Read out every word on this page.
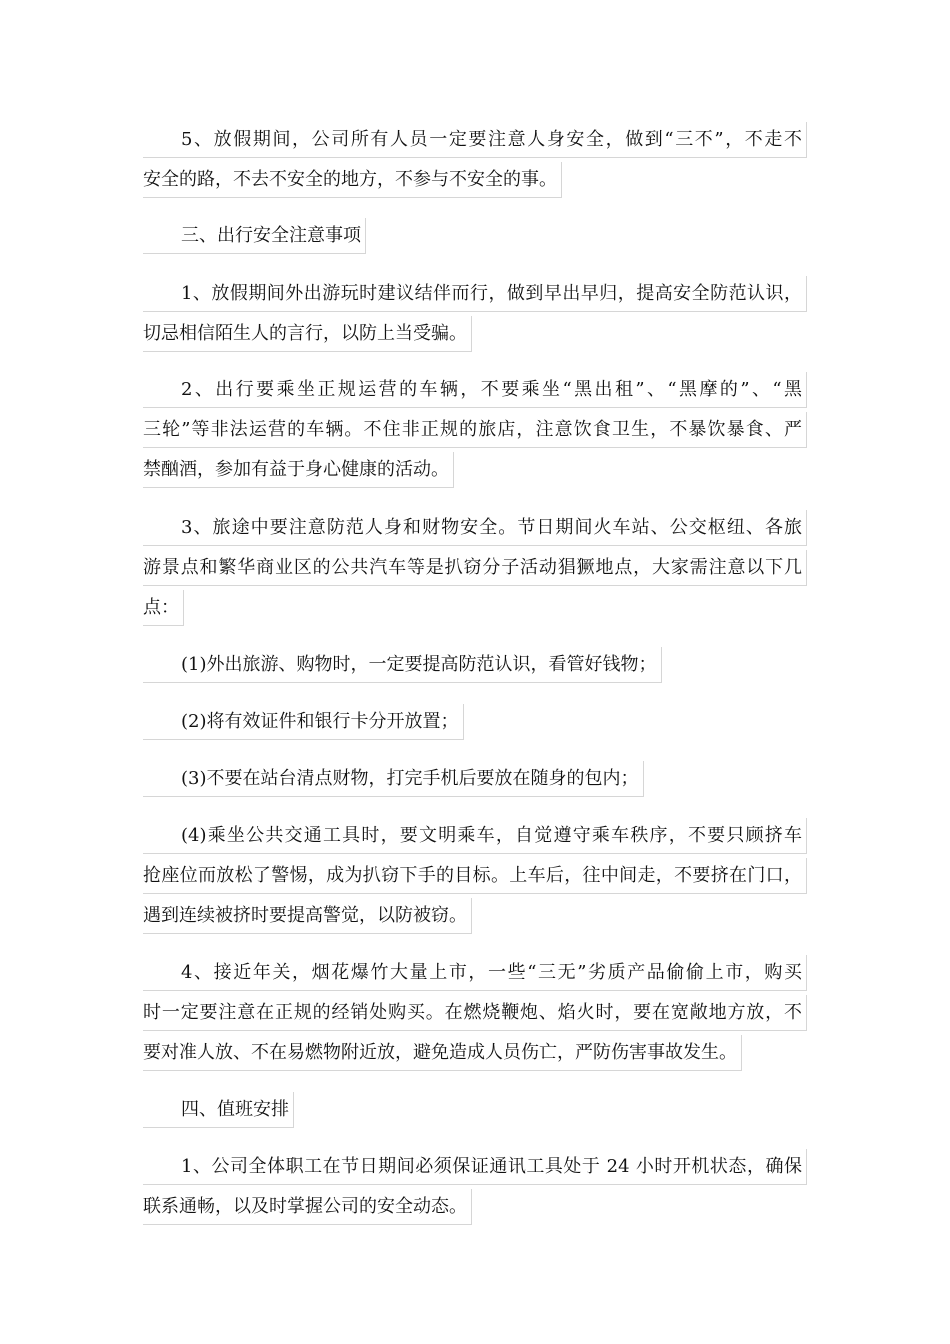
5、放假期间，公司所有人员一定要注意人身安全，做到“三不”，不走不
安全的路，不去不安全的地方，不参与不安全的事。
三、出行安全注意事项
1、放假期间外出游玩时建议结伴而行，做到早出早归，提高安全防范认识，
切忌相信陌生人的言行，以防上当受骗。
2、出行要乘坐正规运营的车辆，不要乘坐“黑出租”、“黑摩的”、“黑
三轮”等非法运营的车辆。不住非正规的旅店，注意饮食卫生，不暴饮暴食、严
禁酗酒，参加有益于身心健康的活动。
3、旅途中要注意防范人身和财物安全。节日期间火车站、公交枢纽、各旅
游景点和繁华商业区的公共汽车等是扒窃分子活动猖獗地点，大家需注意以下几
点：
(1)外出旅游、购物时，一定要提高防范认识，看管好钱物；
(2)将有效证件和银行卡分开放置；
(3)不要在站台清点财物，打完手机后要放在随身的包内；
(4)乘坐公共交通工具时，要文明乘车，自觉遵守乘车秩序，不要只顾挤车
抢座位而放松了警惕，成为扒窃下手的目标。上车后，往中间走，不要挤在门口，
遇到连续被挤时要提高警觉，以防被窃。
4、接近年关，烟花爆竹大量上市，一些“三无”劣质产品偷偷上市，购买
时一定要注意在正规的经销处购买。在燃烧鞭炮、焰火时，要在宽敞地方放，不
要对准人放、不在易燃物附近放，避免造成人员伤亡，严防伤害事故发生。
四、值班安排
1、公司全体职工在节日期间必须保证通讯工具处于 24 小时开机状态，确保
联系通畅，以及时掌握公司的安全动态。
